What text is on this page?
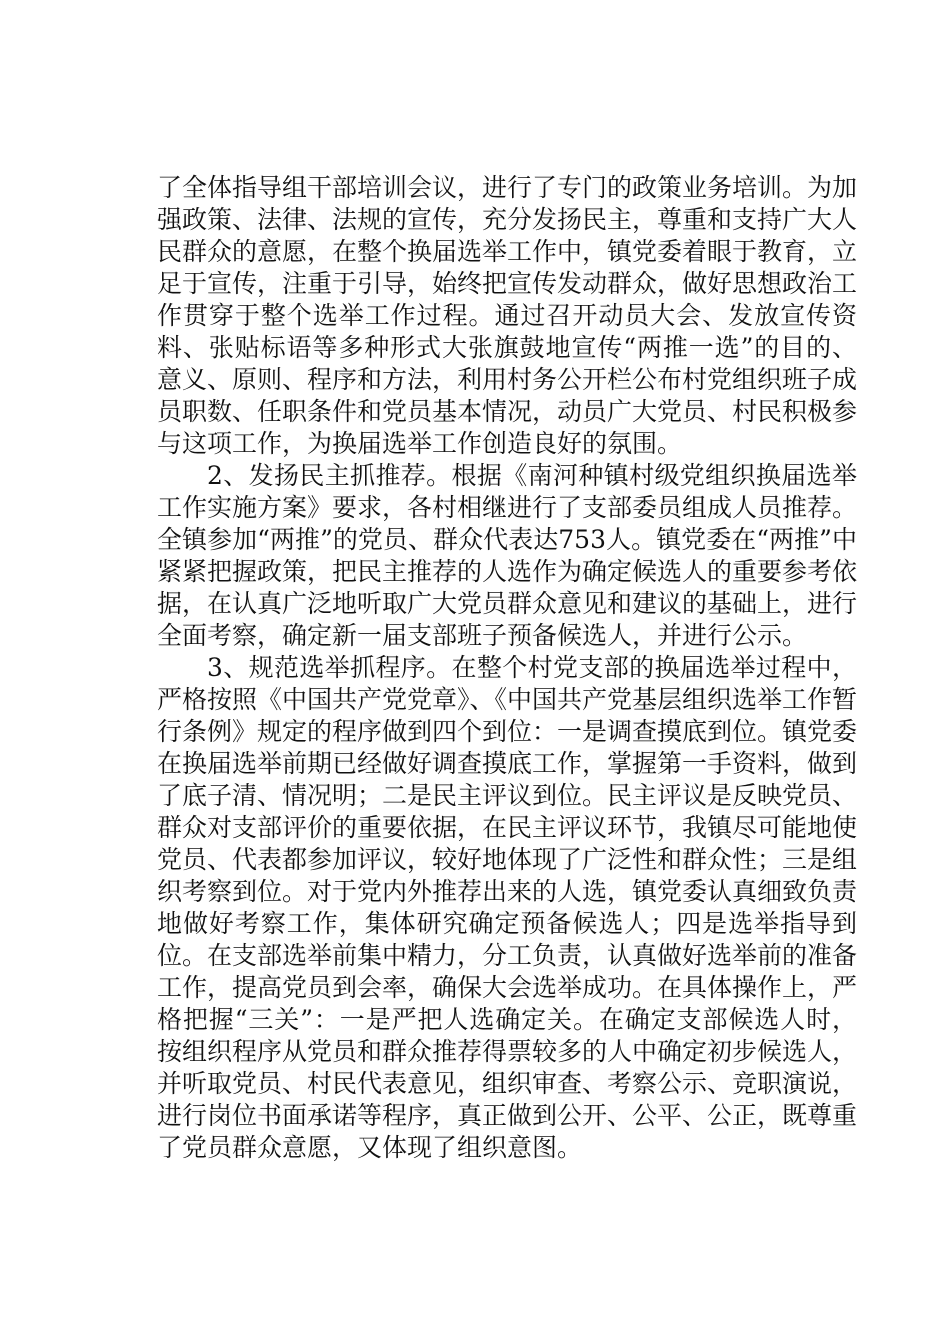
了全体指导组干部培训会议，进行了专门的政策业务培训。为加强政策、法律、法规的宣传，充分发扬民主，尊重和支持广大人民群众的意愿，在整个换届选举工作中，镇党委着眼于教育，立足于宣传，注重于引导，始终把宣传发动群众，做好思想政治工作贯穿于整个选举工作过程。通过召开动员大会、发放宣传资料、张贴标语等多种形式大张旗鼓地宣传“两推一选”的目的、意义、原则、程序和方法，利用村务公开栏公布村党组织班子成员职数、任职条件和党员基本情况，动员广大党员、村民积极参与这项工作，为换届选举工作创造良好的氛围。

2、发扬民主抓推荐。根据《南河种镇村级党组织换届选举工作实施方案》要求，各村相继进行了支部委员组成人员推荐。全镇参加“两推”的党员、群众代表达753人。镇党委在“两推”中紧紧把握政策，把民主推荐的人选作为确定候选人的重要参考依据，在认真广泛地听取广大党员群众意见和建议的基础上，进行全面考察，确定新一届支部班子预备候选人，并进行公示。

3、规范选举抓程序。在整个村党支部的换届选举过程中，严格按照《中国共产党党章》、《中国共产党基层组织选举工作暂行条例》规定的程序做到四个到位：一是调查摸底到位。镇党委在换届选举前期已经做好调查摸底工作，掌握第一手资料，做到了底子清、情况明；二是民主评议到位。民主评议是反映党员、群众对支部评价的重要依据，在民主评议环节，我镇尽可能地使党员、代表都参加评议，较好地体现了广泛性和群众性；三是组织考察到位。对于党内外推荐出来的人选，镇党委认真细致负责地做好考察工作，集体研究确定预备候选人；四是选举指导到位。在支部选举前集中精力，分工负责，认真做好选举前的准备工作，提高党员到会率，确保大会选举成功。在具体操作上，严格把握“三关”：一是严把人选确定关。在确定支部候选人时，按组织程序从党员和群众推荐得票较多的人中确定初步候选人，并听取党员、村民代表意见，组织审查、考察公示、竞职演说，进行岗位书面承诺等程序，真正做到公开、公平、公正，既尊重了党员群众意愿，又体现了组织意图。
